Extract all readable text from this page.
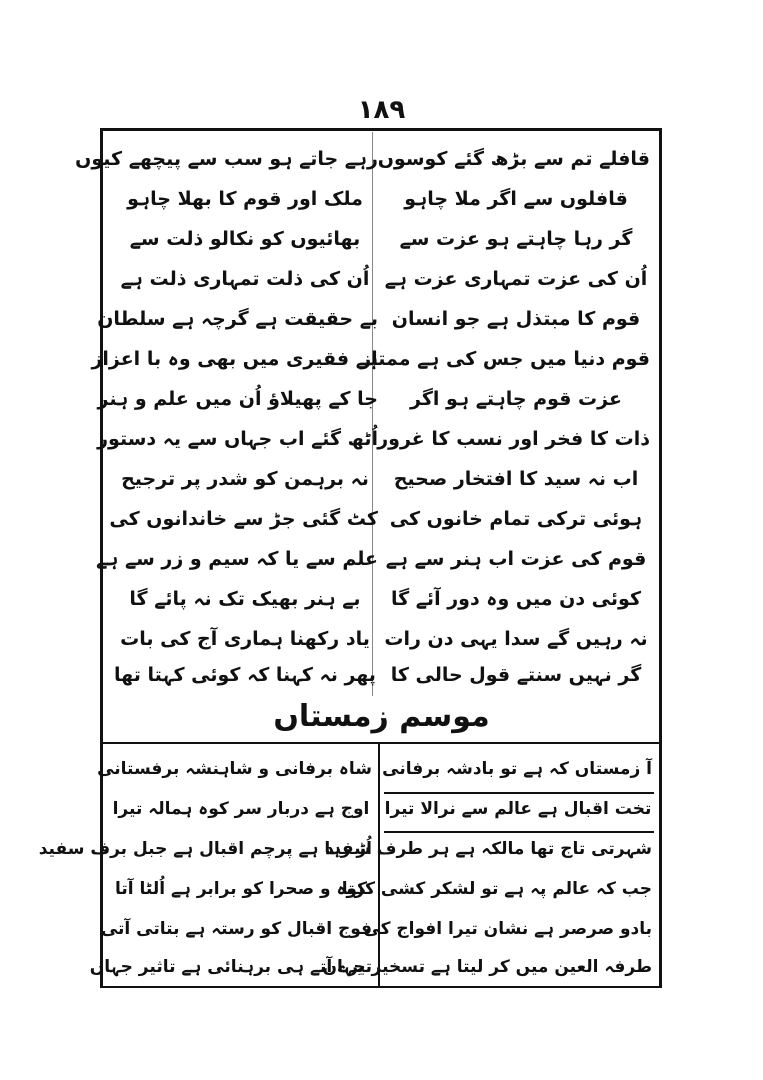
۱۸۹
قافلے تم سے بڑھ گئے کوسوں
رہے جاتے ہو سب سے پیچھے کیوں
قافلوں سے اگر ملا چاہو
ملک اور قوم کا بھلا چاہو
گر رہا چاہتے ہو عزت سے
بھائیوں کو نکالو ذلت سے
اُن کی عزت تمہاری عزت ہے
اُن کی ذلت تمہاری ذلت ہے
قوم کا مبتذل ہے جو انسان
بے حقیقت ہے گرچہ ہے سلطان
قوم دنیا میں جس کی ہے ممتاز
ہے فقیری میں بھی وہ با اعزاز
عزت قوم چاہتے ہو اگر
جا کے پھیلاؤ اُن میں علم و ہنر
ذات کا فخر اور نسب کا غرور
اُٹھ گئے اب جہاں سے یہ دستور
اب نہ سید کا افتخار صحیح
نہ برہمن کو شدر پر ترجیح
ہوئی ترکی تمام خانوں کی
کٹ گئی جڑ سے خاندانوں کی
قوم کی عزت اب ہنر سے ہے
علم سے یا کہ سیم و زر سے ہے
کوئی دن میں وہ دور آئے گا
بے ہنر بھیک تک نہ پائے گا
نہ رہیں گے سدا یہی دن رات
یاد رکھنا ہماری آج کی بات
گر نہیں سنتے قول حالی کا
پھر نہ کہنا کہ کوئی کہتا تھا
موسم زمستاں
آ زمستاں کہ ہے تو بادشہ برفانی
شاہ برفانی و شاہنشہ برفستانی
تخت اقبال ہے عالم سے نرالا تیرا
اوج ہے دربار سر کوہ ہمالہ تیرا
شہرتی تاج تھا مالکہ ہے ہر طرف سفید
اُڑ رہا ہے پرچم اقبال ہے جبل برف سفید
جب کہ عالم پہ ہے تو لشکر کشی کرتا
کوہ و صحرا کو برابر ہے اُلٹا آتا
بادو صرصر ہے نشان تیرا افواج کی
فوج اقبال کو رستہ ہے بتاتی آتی
طرفہ العین میں کر لیتا ہے تسخیر جہاں
تیرے آتے ہی برہنائی ہے تاثیر جہاں
